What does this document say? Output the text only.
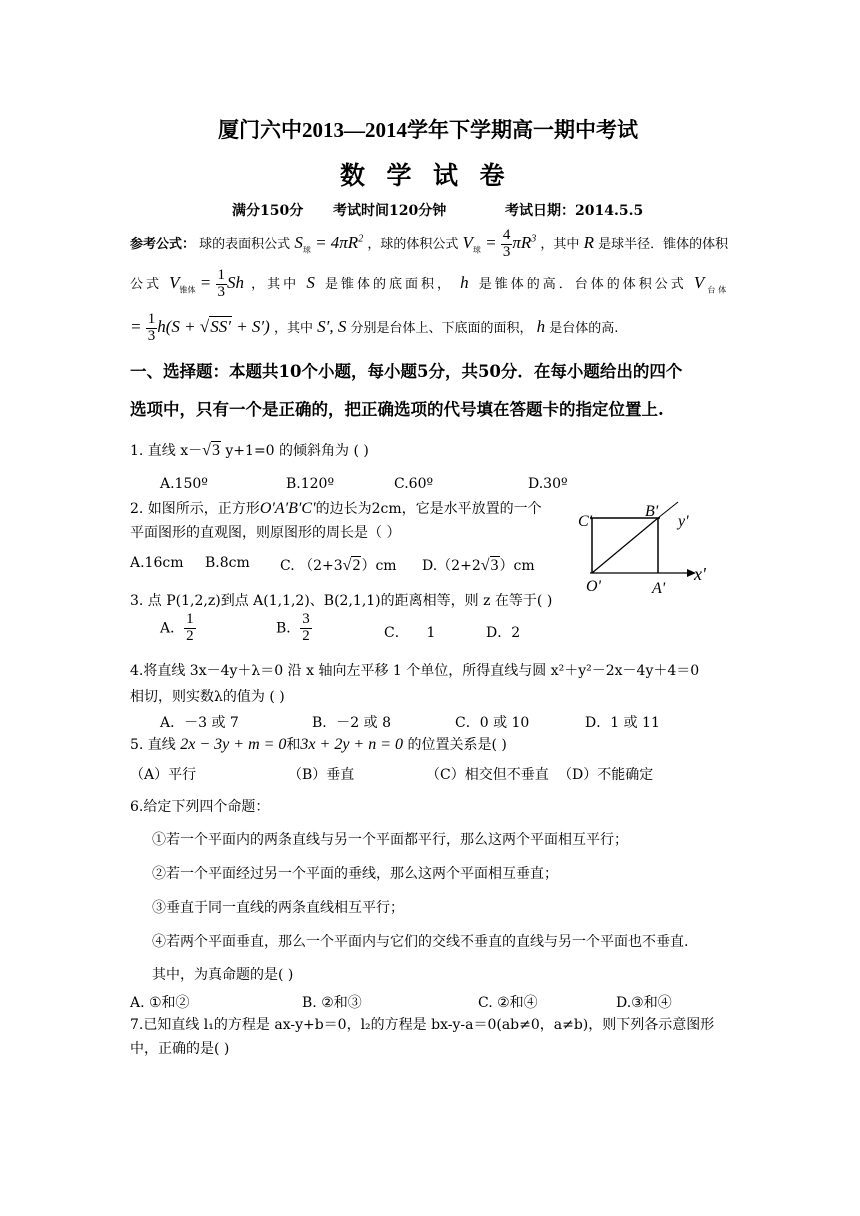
厦门六中2013—2014学年下学期高一期中考试
数  学  试  卷
满分150分 考试时间120分钟	考试日期：2014.5.5
参考公式： 球的表面积公式 $S_球 = 4\pi R^2$ ，球的体积公式 $V_球 = \frac{4}{3} \pi R^3$ ，其中 R 是球半径．锥体的体积
公式 $V_{锥体} = \frac{1}{3}$ Sh ，其中 S 是锥体的底面积， h 是锥体的高．台体的体积公式 $V_{台体}$
= $\frac{1}{3} h(S + √SS' + S')$ ，其中 S′, S 分别是台体上、下底面的面积， h 是台体的高.
一、选择题：本题共10个小题，每小题5分，共50分．在每小题给出的四个
选项中，只有一个是正确的，把正确选项的代号填在答题卡的指定位置上.
1. 直线 x－√3 y+1=0 的倾斜角为 ( )
A.150º	B.120º	C.60º	D.30º
2. 如图所示，正方形O′A′B′C′的边长为2cm，它是水平放置的一个
平面图形的直观图，则原图形的周长是（ ）
A.16cm B.8cm C. （2+3√2）cm D.（2+2√3）cm
C'
B'
y'
O'	A'
x'
3. 点 P(1,2,z)到点 A(1,1,2)、B(2,1,1)的距离相等，则 z 在等于( )
A． $\frac{1}{2}$	B． $\frac{3}{2}$	C．    1	D．2
4.将直线 3x－4y＋λ＝0 沿 x 轴向左平移 1 个单位，所得直线与圆 x²＋y²－2x－4y＋4＝0
相切，则实数λ的值为 ( )
A．－3 或 7	B．－2 或 8	C．0 或 10	D．1 或 11
5. 直线 2x − 3y + m = 0和3x + 2y + n = 0 的位置关系是( )
（A）平行	（B）垂直	（C）相交但不垂直 （D）不能确定
6.给定下列四个命题：
①若一个平面内的两条直线与另一个平面都平行，那么这两个平面相互平行；
②若一个平面经过另一个平面的垂线，那么这两个平面相互垂直；
③垂直于同一直线的两条直线相互平行；
④若两个平面垂直，那么一个平面内与它们的交线不垂直的直线与另一个平面也不垂直.
其中，为真命题的是( )
A. ①和②	B. ②和③	C. ②和④	D.③和④
7.已知直线 l₁的方程是 ax-y+b＝0，l₂的方程是 bx-y-a＝0(ab≠0，a≠b)，则下列各示意图形
中，正确的是( )
